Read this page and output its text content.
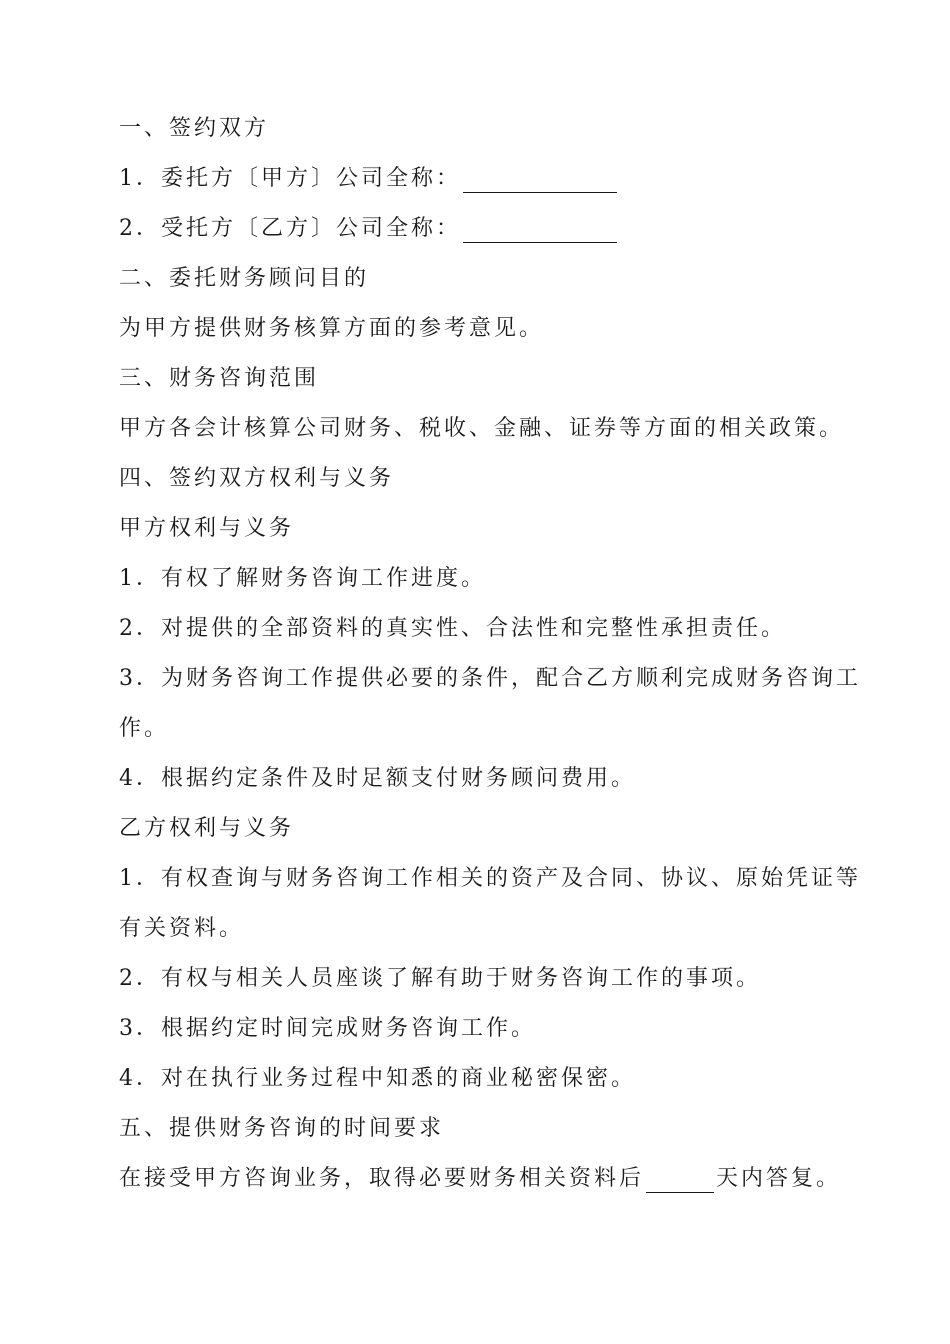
一、签约双方
1．委托方〔甲方〕公司全称：
2．受托方〔乙方〕公司全称：
二、委托财务顾问目的
为甲方提供财务核算方面的参考意见。
三、财务咨询范围
甲方各会计核算公司财务、税收、金融、证券等方面的相关政策。
四、签约双方权利与义务
甲方权利与义务
1．有权了解财务咨询工作进度。
2．对提供的全部资料的真实性、合法性和完整性承担责任。
3．为财务咨询工作提供必要的条件，配合乙方顺利完成财务咨询工
作。
4．根据约定条件及时足额支付财务顾问费用。
乙方权利与义务
1．有权查询与财务咨询工作相关的资产及合同、协议、原始凭证等
有关资料。
2．有权与相关人员座谈了解有助于财务咨询工作的事项。
3．根据约定时间完成财务咨询工作。
4．对在执行业务过程中知悉的商业秘密保密。
五、提供财务咨询的时间要求
在接受甲方咨询业务，取得必要财务相关资料后	天内答复。
